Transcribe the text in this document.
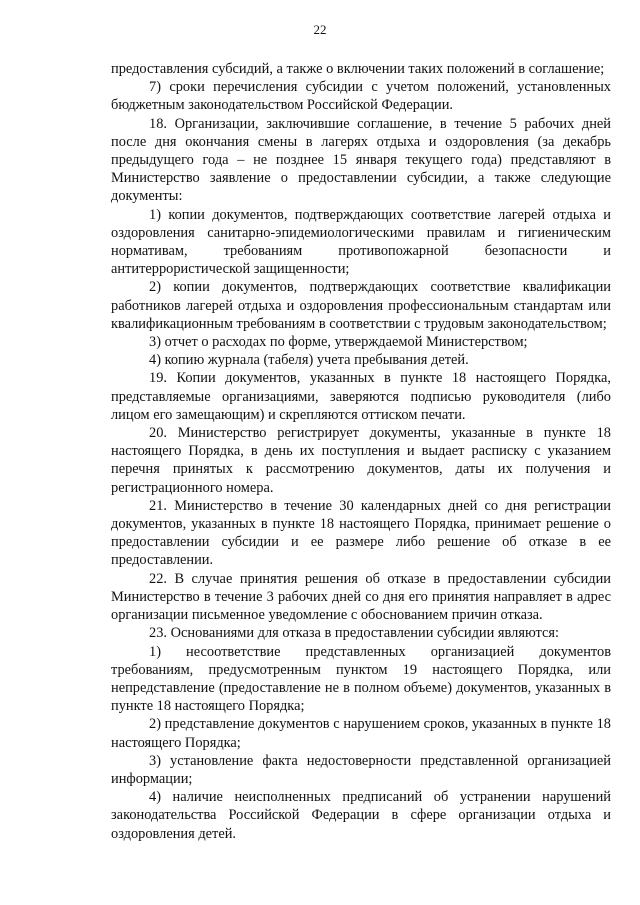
22

предоставления субсидий, а также о включении таких положений в соглашение;

7) сроки перечисления субсидии с учетом положений, установленных бюджетным законодательством Российской Федерации.

18. Организации, заключившие соглашение, в течение 5 рабочих дней после дня окончания смены в лагерях отдыха и оздоровления (за декабрь предыдущего года – не позднее 15 января текущего года) представляют в Министерство заявление о предоставлении субсидии, а также следующие документы:

1) копии документов, подтверждающих соответствие лагерей отдыха и оздоровления санитарно-эпидемиологическими правилам и гигиеническим нормативам, требованиям противопожарной безопасности и антитеррористической защищенности;

2) копии документов, подтверждающих соответствие квалификации работников лагерей отдыха и оздоровления профессиональным стандартам или квалификационным требованиям в соответствии с трудовым законодательством;

3) отчет о расходах по форме, утверждаемой Министерством;

4) копию журнала (табеля) учета пребывания детей.

19. Копии документов, указанных в пункте 18 настоящего Порядка, представляемые организациями, заверяются подписью руководителя (либо лицом его замещающим) и скрепляются оттиском печати.

20. Министерство регистрирует документы, указанные в пункте 18 настоящего Порядка, в день их поступления и выдает расписку с указанием перечня принятых к рассмотрению документов, даты их получения и регистрационного номера.

21. Министерство в течение 30 календарных дней со дня регистрации документов, указанных в пункте 18 настоящего Порядка, принимает решение о предоставлении субсидии и ее размере либо решение об отказе в ее предоставлении.

22. В случае принятия решения об отказе в предоставлении субсидии Министерство в течение 3 рабочих дней со дня его принятия направляет в адрес организации письменное уведомление с обоснованием причин отказа.

23. Основаниями для отказа в предоставлении субсидии являются:

1) несоответствие представленных организацией документов требованиям, предусмотренным пунктом 19 настоящего Порядка, или непредставление (предоставление не в полном объеме) документов, указанных в пункте 18 настоящего Порядка;

2) представление документов с нарушением сроков, указанных в пункте 18 настоящего Порядка;

3) установление факта недостоверности представленной организацией информации;

4) наличие неисполненных предписаний об устранении нарушений законодательства Российской Федерации в сфере организации отдыха и оздоровления детей.
